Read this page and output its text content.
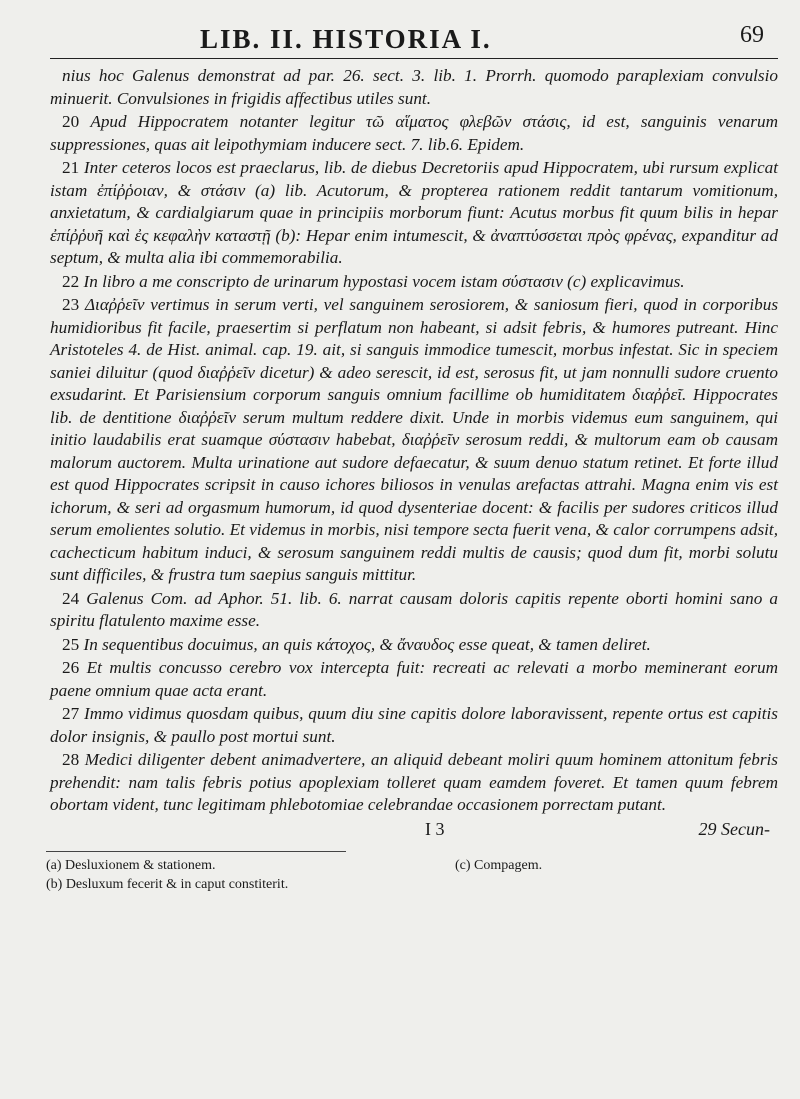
LIB. II. HISTORIA I.	69

nius hoc Galenus demonstrat ad par. 26. sect. 3. lib. 1. Prorrh. quomodo paraplexiam convulsio minuerit. Convulsiones in frigidis affectibus utiles sunt.

20 Apud Hippocratem notanter legitur τῶ αἵματος φλεβῶν στάσις, id est, sanguinis venarum suppressiones, quas ait leipothymiam inducere sect. 7. lib.6. Epidem.

21 Inter ceteros locos est praeclarus, lib. de diebus Decretoriis apud Hippocratem, ubi rursum explicat istam ἐπίῤῥοιαν, & στάσιν (a) lib. Acutorum, & propterea rationem reddit tantarum vomitionum, anxietatum, & cardialgiarum quae in principiis morborum fiunt: Acutus morbus fit quum bilis in hepar ἐπίῤῥυῆ καὶ ἐς κεφαλὴν καταστῇ (b): Hepar enim intumescit, & ἀναπτύσσεται πρὸς φρένας, expanditur ad septum, & multa alia ibi commemorabilia.

22 In libro a me conscripto de urinarum hypostasi vocem istam σύστασιν (c) explicavimus.

23 Διαῤῥεῖν vertimus in serum verti, vel sanguinem serosiorem, & saniosum fieri, quod in corporibus humidioribus fit facile, praesertim si perflatum non habeant, si adsit febris, & humores putreant. Hinc Aristoteles 4. de Hist. animal. cap. 19. ait, si sanguis immodice tumescit, morbus infestat. Sic in speciem saniei diluitur (quod διαῤῥεῖν dicetur) & adeo serescit, id est, serosus fit, ut jam nonnulli sudore cruento exsudarint. Et Parisiensium corporum sanguis omnium facillime ob humiditatem διαῤῥεῖ. Hippocrates lib. de dentitione διαῤῥεῖν serum multum reddere dixit. Unde in morbis videmus eum sanguinem, qui initio laudabilis erat suamque σύστασιν habebat, διαῤῥεῖν serosum reddi, & multorum eam ob causam malorum auctorem. Multa urinatione aut sudore defaecatur, & suum denuo statum retinet. Et forte illud est quod Hippocrates scripsit in causo ichores biliosos in venulas arefactas attrahi. Magna enim vis est ichorum, & seri ad orgasmum humorum, id quod dysenteriae docent: & facilis per sudores criticos illud serum emolientes solutio. Et videmus in morbis, nisi tempore secta fuerit vena, & calor corrumpens adsit, cachecticum habitum induci, & serosum sanguinem reddi multis de causis; quod dum fit, morbi solutu sunt difficiles, & frustra tum saepius sanguis mittitur.

24 Galenus Com. ad Aphor. 51. lib. 6. narrat causam doloris capitis repente oborti homini sano a spiritu flatulento maxime esse.

25 In sequentibus docuimus, an quis κάτοχος, & ἄναυδος esse queat, & tamen deliret.

26 Et multis concusso cerebro vox intercepta fuit: recreati ac relevati a morbo meminerant eorum paene omnium quae acta erant.

27 Immo vidimus quosdam quibus, quum diu sine capitis dolore laboravissent, repente ortus est capitis dolor insignis, & paullo post mortui sunt.

28 Medici diligenter debent animadvertere, an aliquid debeant moliri quum hominem attonitum febris prehendit: nam talis febris potius apoplexiam tolleret quam eamdem foveret. Et tamen quum febrem obortam vident, tunc legitimam phlebotomiae celebrandae occasionem porrectam putant.

I 3	29 Secun-
(a) Desluxionem & stationem.
(b) Desluxum fecerit & in caput constiterit.
(c) Compagem.
